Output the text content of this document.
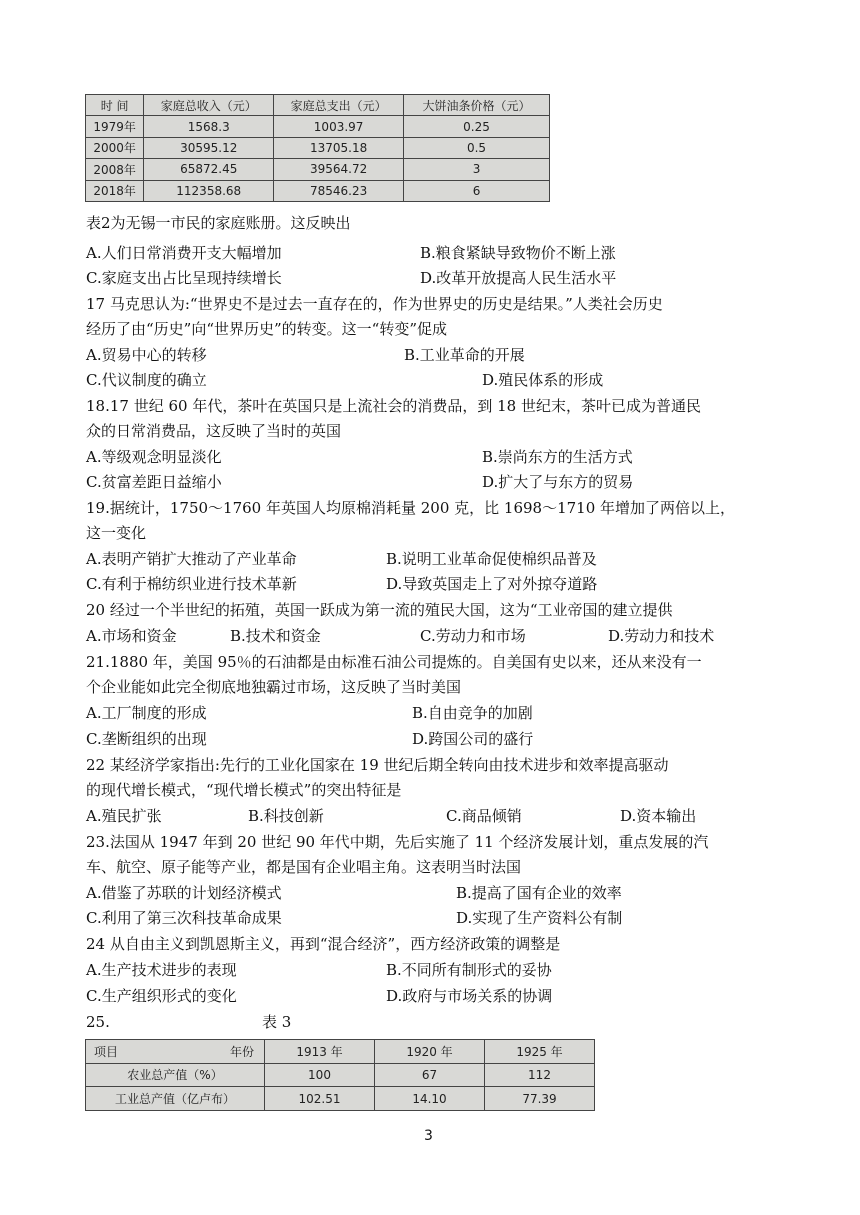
时 间	家庭总收入（元）	家庭总支出（元）	大饼油条价格（元）
1979年	1568.3	1003.97	0.25
2000年	30595.12	13705.18	0.5
2008年	65872.45	39564.72	3
2018年	112358.68	78546.23	6
表2为无锡一市民的家庭账册。这反映出
A.人们日常消费开支大幅增加	B.粮食紧缺导致物价不断上涨
C.家庭支出占比呈现持续增长	D.改革开放提高人民生活水平
17 马克思认为:“世界史不是过去一直存在的，作为世界史的历史是结果。”人类社会历史
经历了由“历史”向“世界历史”的转变。这一“转变”促成
A.贸易中心的转移	B.工业革命的开展
C.代议制度的确立	D.殖民体系的形成
18.17 世纪 60 年代，茶叶在英国只是上流社会的消费品，到 18 世纪末，茶叶已成为普通民
众的日常消费品，这反映了当时的英国
A.等级观念明显淡化	B.崇尚东方的生活方式
C.贫富差距日益缩小	D.扩大了与东方的贸易
19.据统计，1750～1760 年英国人均原棉消耗量 200 克，比 1698～1710 年增加了两倍以上，
这一变化
A.表明产销扩大推动了产业革命	B.说明工业革命促使棉织品普及
C.有利于棉纺织业进行技术革新	D.导致英国走上了对外掠夺道路
20 经过一个半世纪的拓殖，英国一跃成为第一流的殖民大国，这为“工业帝国的建立提供
A.市场和资金	B.技术和资金	C.劳动力和市场	D.劳动力和技术
21.1880 年，美国 95％的石油都是由标准石油公司提炼的。自美国有史以来，还从来没有一
个企业能如此完全彻底地独霸过市场，这反映了当时美国
A.工厂制度的形成	B.自由竞争的加剧
C.垄断组织的出现	D.跨国公司的盛行
22 某经济学家指出:先行的工业化国家在 19 世纪后期全转向由技术进步和效率提高驱动
的现代增长模式，“现代增长模式”的突出特征是
A.殖民扩张	B.科技创新	C.商品倾销	D.资本输出
23.法国从 1947 年到 20 世纪 90 年代中期，先后实施了 11 个经济发展计划，重点发展的汽
车、航空、原子能等产业，都是国有企业唱主角。这表明当时法国
A.借鉴了苏联的计划经济模式	B.提高了国有企业的效率
C.利用了第三次科技革命成果	D.实现了生产资料公有制
24 从自由主义到凯恩斯主义，再到“混合经济”，西方经济政策的调整是
A.生产技术进步的表现	B.不同所有制形式的妥协
C.生产组织形式的变化	D.政府与市场关系的协调
25.	表 3
项目 年份	1913 年	1920 年	1925 年
农业总产值（%）	100	67	112
工业总产值（亿卢布）	102.51	14.10	77.39
3
